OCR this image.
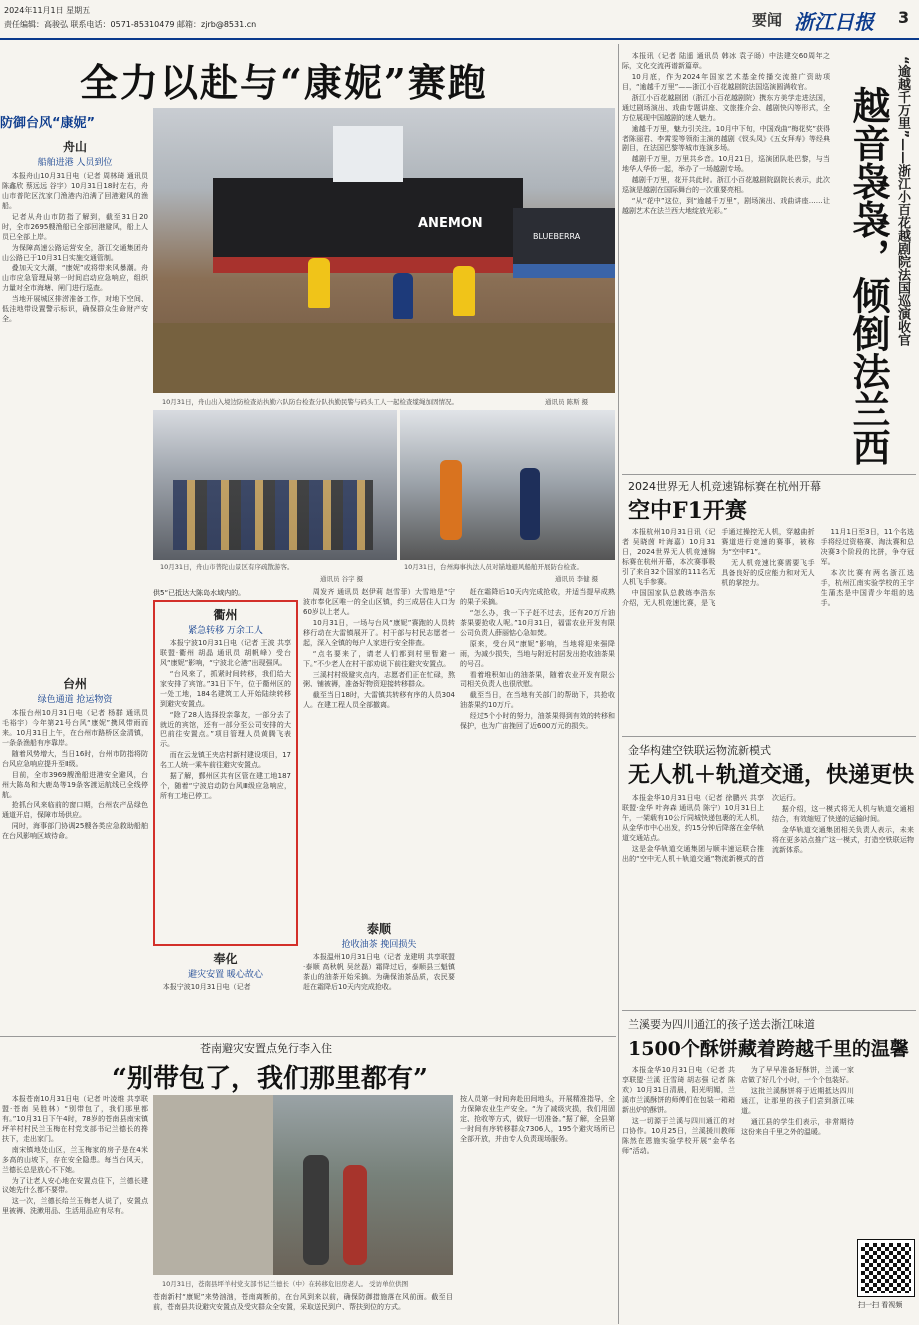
2024年11月1日 星期五
责任编辑：高骏弘 联系电话：0571-85310479 邮箱：zjrb@8531.cn	要闻 浙江日报 3
全力以赴与“康妮”赛跑
防御台风“康妮”
舟山
船舶进港 人员到位

本报舟山10月31日电（记者 周林琦 通讯员 陈鑫欣 蔡远远 谷宇）10月31日18时左右，舟山市普陀区沈家门渔港内泊满了回港避风的渔船。

记者从舟山市防指了解到，截至31日20时，全市2695艘渔船已全部回港避风，船上人员已全部上岸。

为保障高速公路运营安全，浙江交通集团舟山公路已于10月31日实施交通管制。

叠加天文大潮，“康妮”或将带来风暴潮。舟山市应急管理局第一时间启动应急响应，组织力量对全市海塘、闸门进行巡查。

当地开展城区排涝准备工作，对地下空间、低洼地带设置警示标识，确保群众生命财产安全。

台州
绿色通道 抢运物资

本报台州10月31日电（记者 杨群 通讯员 毛裕宇）今年第21号台风“康妮”携风带雨而来。10月31日上午，在台州市路桥区金清镇，一条条渔船有序靠岸。

随着风势增大，当日16时，台州市防指将防台风应急响应提升至Ⅱ级。

目前，全市3969艘渔船进港安全避风，台州大陈岛和大鹿岛等19条客渡运航线已全线停航。

抢抓台风来临前的窗口期，台州农产品绿色通道开启，保障市场供应。

同时，海事部门协调25艘各类应急救助船舶在台风影响区域待命。

ANEMON
BLUEBERRA
10月31日，舟山出入境边防检查站执勤六队防台检查分队执勤民警与码头工人一起检查缆绳加固情况。	通讯员 陈斯 摄
10月31日，舟山市普陀山景区有序疏散游客。
通讯员 谷宇 摄
10月31日，台州海事执法人员对锚地避风船舶开展防台检查。
通讯员 李健 摄
供5“已抵达大陈岛水域内的。
衢州
紧急转移 万余工人

本报宁波10月31日电（记者 王波 共享联盟·衢州 胡晶 通讯员 胡帆峰）受台风“康妮”影响，“宁波北仑港”出现强风。

“台风来了，抓紧时间转移，我们给大家安排了宾馆。”31日下午，位于衢州区的一处工地，184名建筑工人开始陆续转移到避灾安置点。

“除了28人选择投亲靠友，一部分去了就近的宾馆，还有一部分至公司安排的大巴前往安置点。”项目管理人员黄腾飞表示。

而在云龙镇王夹店村新村建设项目，17名工人统一乘车前往避灾安置点。

据了解，鄞州区共有区管在建工地187个，随着“宁波启动防台风Ⅲ级应急响应，所有工地已停工。

奉化
避灾安置 暖心故心

本报宁波10月31日电（记者

周发齐 通讯员 赵伊莉 赵雪菲）大雪地是“宁波市奉化区唯一的全山区镇，约三成居住人口为60岁以上老人。

10月31日，一场与台风“康妮”赛跑的人员转移行动在大雷镇展开了。村干部与村民志愿者一起，深入全镇的每户人家进行安全排查。

“点名要来了，请老人们都到村里暂避一下。”不少老人在村干部劝说下前往避灾安置点。

三溪村村级避灾点内，志愿者们正在忙碌，熬粥、铺被褥，准备好物资迎接转移群众。

截至当日18时，大雷镇共转移有序的人员304人。在建工程人员全部撤离。

泰顺
抢收油茶 挽回损失

本报温州10月31日电（记者 龙建明 共享联盟·泰顺 高秋帆 吴丝磊）霜降过后，泰顺县三魁镇茶山的油茶开始采摘。为确保油茶品质，农民要赶在霜降后10天内完成抢收。

赶在霜降后10天内完成抢收，并适当提早成熟的果子采摘。

“怎么办，我一下子赶不过去，还有20万斤油茶果要抢收人呢。”10月31日，福雷农业开发有限公司负责人薛丽惦心急如焚。

原来，受台风“康妮”影响，当地将迎来强降雨，为减少损失，当地与附近村居发出抢收油茶果的号召。

看着堆积如山的油茶果，随着农业开发有限公司相关负责人也很欣慰。

截至当日，在当地有关部门的帮助下，共抢收油茶果约10万斤。

经过5个小时的努力，油茶果得到有效的转移和保护，也为广亩挽回了近600万元的损失。

苍南避灾安置点免行李入住
“别带包了，我们那里都有”

本报苍南10月31日电（记者 叶凌维 共享联盟·苍南 吴胜林）“别带包了，我们那里都有。”10月31日下午4时，78岁的苍南县南宋镇坪羊村村民兰玉梅在村党支部书记兰德长的搀扶下，走出家门。

南宋镇地处山区，兰玉梅家的房子是在4米多高的山坡下，存在安全隐患。每当台风天，兰德长总是放心不下她。

为了让老人安心地在安置点住下，兰德长建议她先什么都不要带。

这一次，兰德长给兰玉梅老人说了，安置点里被褥、洗漱用品、生活用品应有尽有。

10月31日，苍南县坪羊村党支部书记兰德长（中）在转移危旧房老人。 受访单位供图
苍南新村“康妮”来势汹汹，苍南离断前，在台风到来以前，确保防御措施落在风前面。截至目前，苍南县共设避灾安置点及受灾群众全安置，采取送民到户、帮扶到位的方式。
按人员第一时间奔赴田间地头，开展精准指导，全力保障农业生产安全。“为了减级灾损，我们用固定、抢收等方式，做好一切准备。”据了解，全县第一时间有序转移群众7306人，195个避灾场所已全部开放，并由专人负责现场服务。

本报讯（记者 陆遥 通讯员 韩冰 袁子旸）中法建交60周年之际，文化交流再谱新篇章。

10月底，作为2024年国家艺术基金传播交流推广资助项目，“逾越千万里”——浙江小百花越剧院法国巡演圆满收官。

浙江小百花越剧团（浙江小百花越剧院）携东方美学走进法国，通过剧场演出、戏曲专题讲座、文旅推介会、越剧快闪等形式，全方位展现中国越剧的迷人魅力。

逾越千万里，魅力引关注。10月中下旬，中国戏曲“梅花奖”获得者陈丽君、李霄雯等领衔主演的越剧《钗头凤》《五女拜寿》等经典剧目，在法国巴黎等城市连演多场。

越剧千万里，万里共乡音。10月21日，巡演团队赴巴黎，与当地华人华侨一起，举办了一场越剧专场。

越剧千万里，花开共此时。浙江小百花越剧院副院长表示，此次巡演是越剧在国际舞台的一次重要亮相。

“从“花中”这位，到“逾越千万里”，剧场演出、戏曲讲座……让越剧艺术在法兰西大地绽放光彩。”	“逾越千万里”——浙江小百花越剧院法国巡演收官
越音袅袅，倾倒法兰西
2024世界无人机竞速锦标赛在杭州开幕
空中F1开赛

本报杭州10月31日讯（记者 吴晓茵 叶海嘉）10月31日，2024世界无人机竞速锦标赛在杭州开幕，本次赛事吸引了来自32个国家的111名无人机飞手参赛。

中国国家队总教练李浩东介绍，无人机竞速比赛，是飞手通过操控无人机，穿越曲折赛道进行竞速的赛事，被称为“空中F1”。

无人机竞速比赛需要飞手具备良好的反应能力和对无人机的掌控力。

11月1日至3日，11个名选手将经过资格赛、淘汰赛和总决赛3个阶段的比拼，争夺冠军。

本次比赛有两名浙江选手，杭州江南实验学校的王宇生蒲杰是中国青少年组的选手。

金华构建空铁联运物流新模式
无人机＋轨道交通，快递更快

本报金华10月31日电（记者 徐鹏兴 共享联盟·金华 叶奔森 通讯员 陈宁）10月31日上午，一架载有10公斤同城快递包裹的无人机，从金华市中心出发，约15分钟后降落在金华轨道交通站点。

这是金华轨道交通集团与顺丰速运联合推出的“空中无人机＋轨道交通”物流新模式的首次运行。

据介绍，这一模式将无人机与轨道交通相结合，有效缩短了快递的运输时间。

金华轨道交通集团相关负责人表示，未来将在更多站点推广这一模式，打造空铁联运物流新体系。

兰溪要为四川通江的孩子送去浙江味道
1500个酥饼藏着跨越千里的温馨

本报金华10月31日电（记者 共享联盟·兰溪 汪雪琦 胡志强 记者 陈欢）10月31日清晨，阳光明媚，兰溪市兰溪酥饼的师傅们在包装一箱箱新出炉的酥饼。

这一切源于兰溪与四川通江的对口协作。10月25日，兰溪援川教师陈然在恩施实验学校开展“金华名师”活动。

为了早早准备好酥饼，兰溪一家店做了好几个小时，一个个包装好。

这批兰溪酥饼将于近期抵达四川通江，让那里的孩子们尝到浙江味道。

通江县的学生们表示，非常期待这份来自千里之外的温暖。

扫一扫 看视频
